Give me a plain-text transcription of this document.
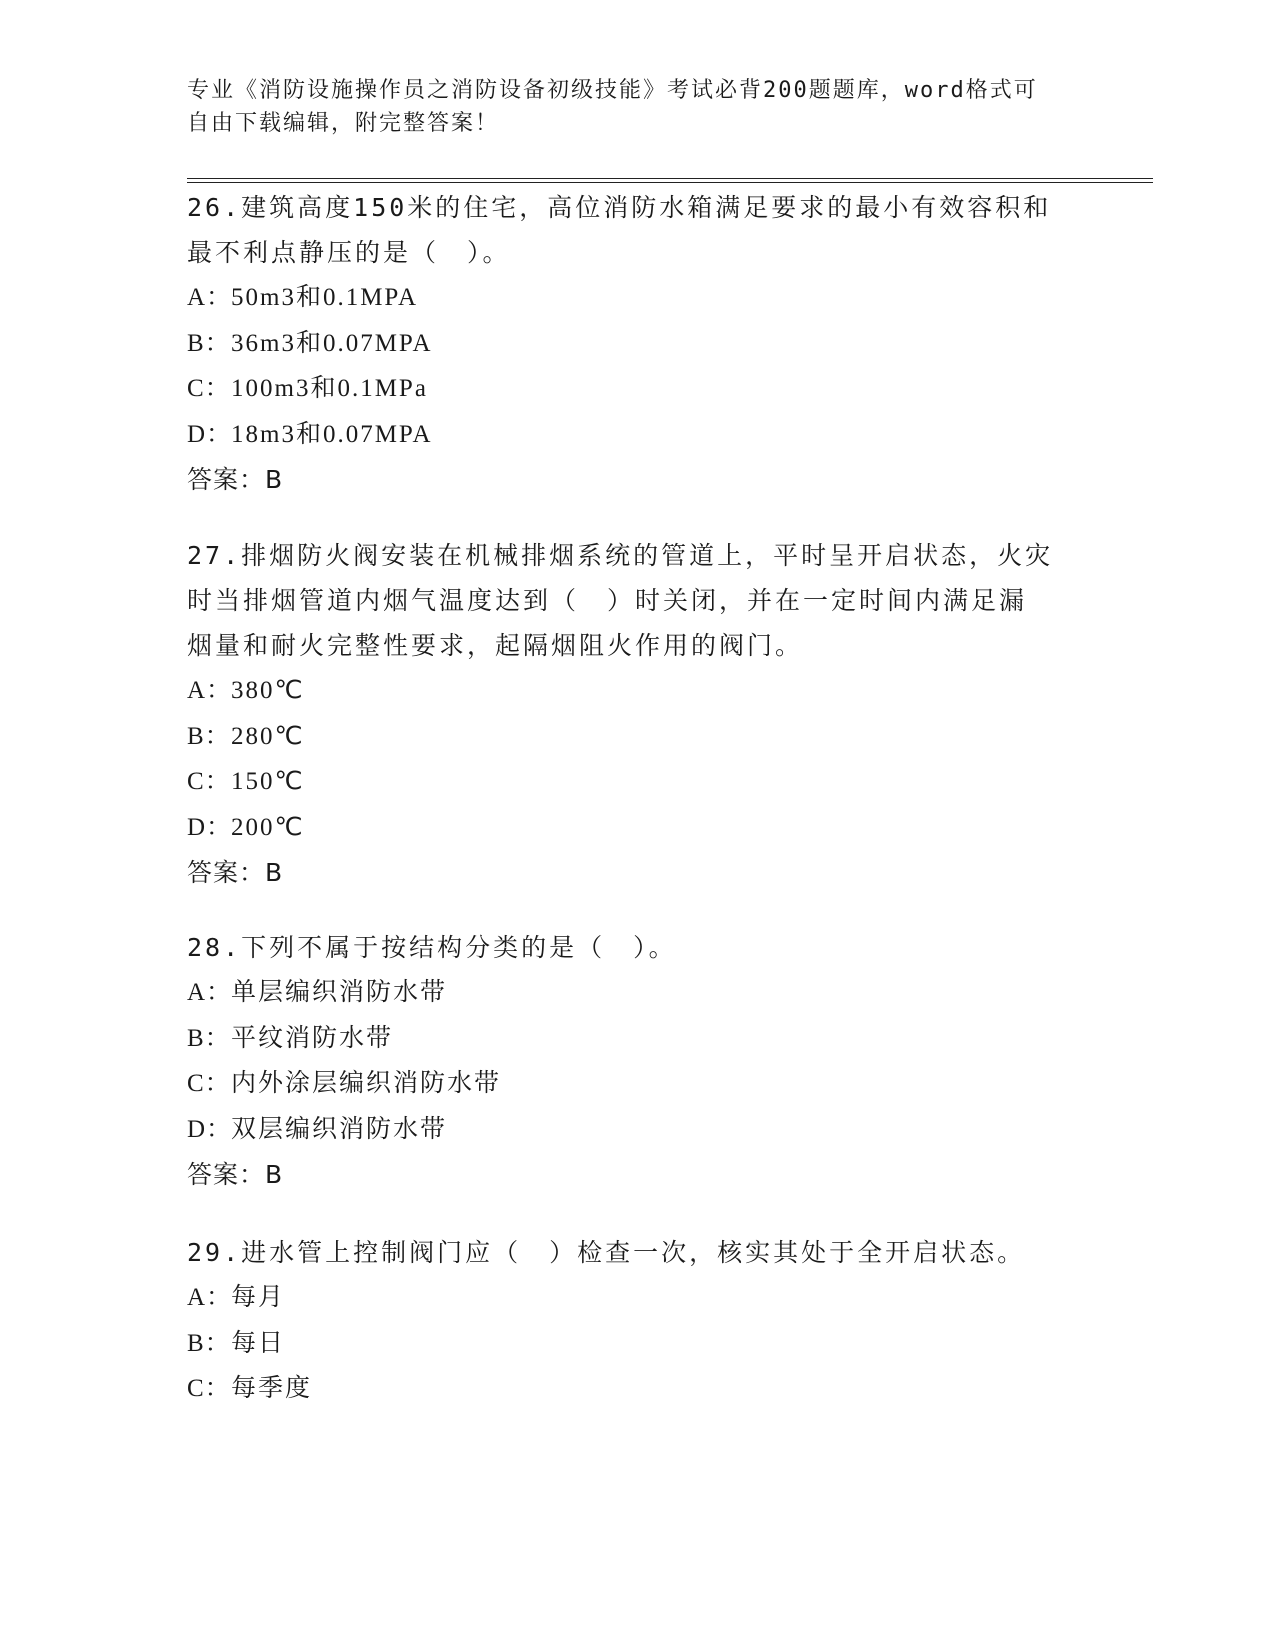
专业《消防设施操作员之消防设备初级技能》考试必背200题题库，word格式可
自由下载编辑，附完整答案！
26.建筑高度150米的住宅，高位消防水箱满足要求的最小有效容积和
最不利点静压的是（　）。
A：50m3和0.1MPA
B：36m3和0.07MPA
C：100m3和0.1MPa
D：18m3和0.07MPA
答案：B
27.排烟防火阀安装在机械排烟系统的管道上，平时呈开启状态，火灾
时当排烟管道内烟气温度达到（　）时关闭，并在一定时间内满足漏
烟量和耐火完整性要求，起隔烟阻火作用的阀门。
A：380℃
B：280℃
C：150℃
D：200℃
答案：B
28.下列不属于按结构分类的是（　）。
A：单层编织消防水带
B：平纹消防水带
C：内外涂层编织消防水带
D：双层编织消防水带
答案：B
29.进水管上控制阀门应（　）检查一次，核实其处于全开启状态。
A：每月
B：每日
C：每季度
